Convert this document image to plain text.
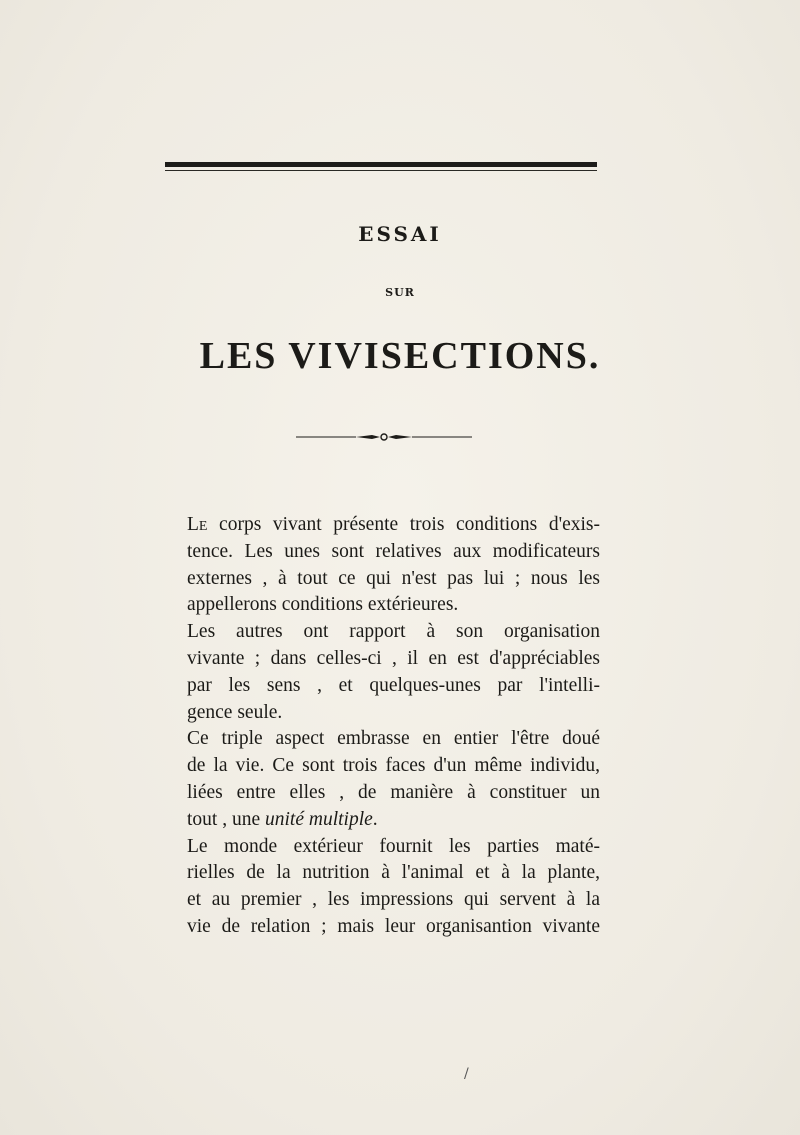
ESSAI
SUR
LES VIVISECTIONS.

Le corps vivant présente trois conditions d'exis-
tence. Les unes sont relatives aux modificateurs
externes , à tout ce qui n'est pas lui ; nous les
appellerons conditions extérieures.

Les autres ont rapport à son organisation
vivante ; dans celles-ci , il en est d'appréciables
par les sens , et quelques-unes par l'intelli-
gence seule.

Ce triple aspect embrasse en entier l'être doué
de la vie. Ce sont trois faces d'un même individu,
liées entre elles , de manière à constituer un
tout , une unité multiple.

Le monde extérieur fournit les parties maté-
rielles de la nutrition à l'animal et à la plante,
et au premier , les impressions qui servent à la
vie de relation ; mais leur organisantion vivante

/
